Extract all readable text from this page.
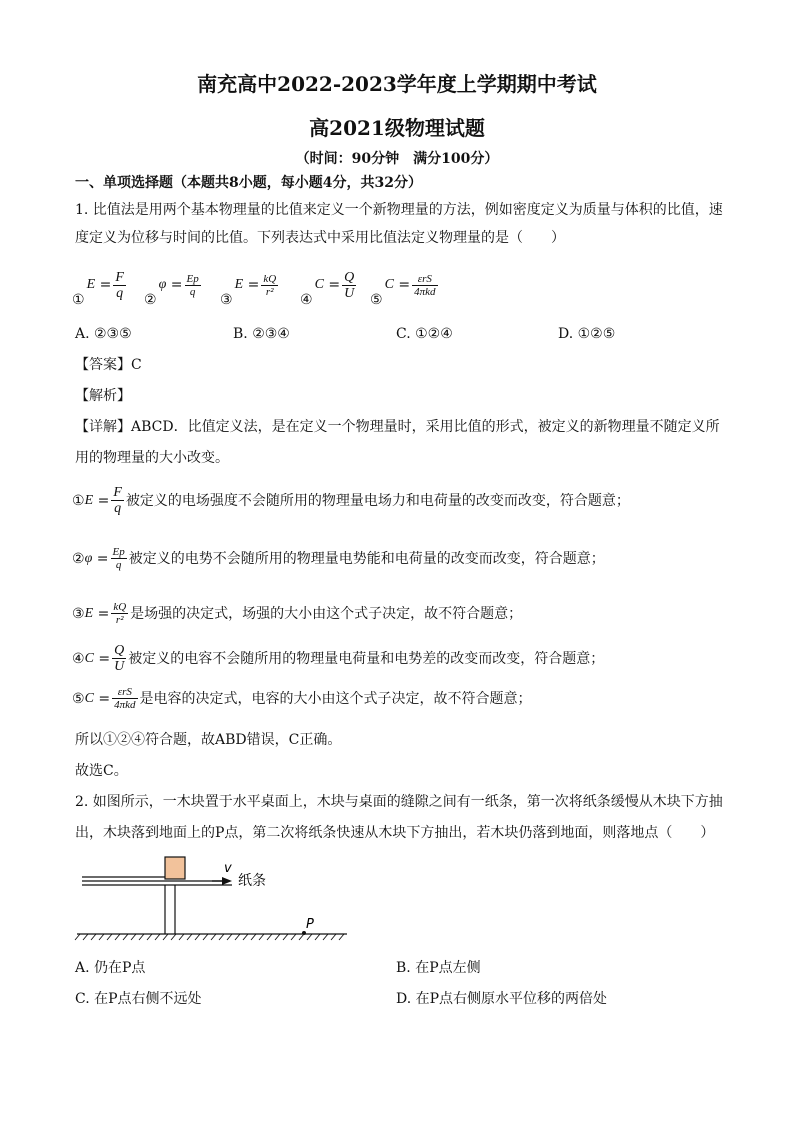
南充高中2022-2023学年度上学期期中考试
高2021级物理试题
（时间：90分钟　满分100分）
一、单项选择题（本题共8小题，每小题4分，共32分）
1. 比值法是用两个基本物理量的比值来定义一个新物理量的方法，例如密度定义为质量与体积的比值，速
度定义为位移与时间的比值。下列表达式中采用比值法定义物理量的是（　　）
①
$E = \frac{F}{q}$ ②
$\varphi = \frac{Ep}{q}$
③
$E = \frac{kQ}{\text{r²}}$
④
$C = \frac{Q}{U}$ ⑤
$C = \frac{\text{εrS}}{\text{4πkd}}$
A. ②③⑤	B. ②③④	C. ①②④	D. ①②⑤
【答案】C
【解析】
【详解】ABCD．比值定义法，是在定义一个物理量时，采用比值的形式，被定义的新物理量不随定义所
用的物理量的大小改变。
① $E = \frac{F}{q}$ 被定义的电场强度不会随所用的物理量电场力和电荷量的改变而改变，符合题意；
② $\varphi = \frac{Ep}{q}$ 被定义的电势不会随所用的物理量电势能和电荷量的改变而改变，符合题意；
③ $E = \frac{kQ}{\text{r²}}$ 是场强的决定式，场强的大小由这个式子决定，故不符合题意；
④ $C = \frac{Q}{U}$ 被定义的电容不会随所用的物理量电荷量和电势差的改变而改变，符合题意；
⑤ $C = \frac{\text{εrS}}{\text{4πkd}}$ 是电容的决定式，电容的大小由这个式子决定，故不符合题意；
所以①②④符合题，故ABD错误，C正确。
故选C。
2. 如图所示，一木块置于水平桌面上，木块与桌面的缝隙之间有一纸条，第一次将纸条缓慢从木块下方抽
出，木块落到地面上的P点，第二次将纸条快速从木块下方抽出，若木块仍落到地面，则落地点（　　）
v
纸条
P
A. 仍在P点	B. 在P点左侧
C. 在P点右侧不远处	D. 在P点右侧原水平位移的两倍处
